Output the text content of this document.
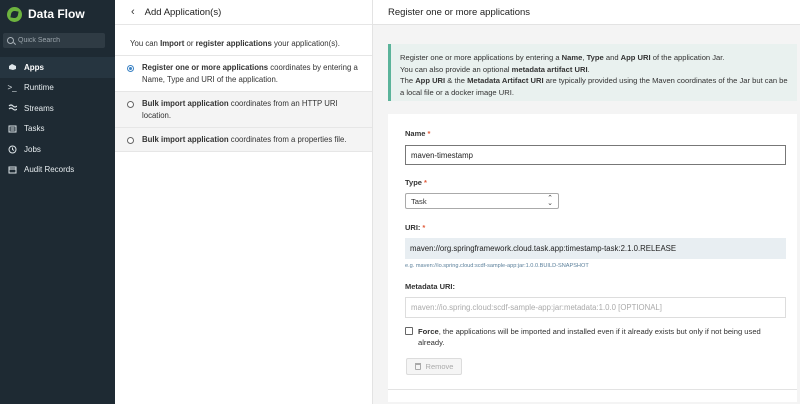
Data Flow
Quick Search
Apps
>_ Runtime
Streams
Tasks
Jobs
Audit Records
‹ Add Application(s)
You can Import or register applications your application(s).
Register one or more applications coordinates by entering a Name, Type and URI of the application.
Bulk import application coordinates from an HTTP URI location.
Bulk import application coordinates from a properties file.
Register one or more applications
Register one or more applications by entering a Name, Type and App URI of the application Jar.
You can also provide an optional metadata artifact URI.
The App URI & the Metadata Artifact URI are typically provided using the Maven coordinates of the Jar but can be a local file or a docker image URI.
Name *
maven-timestamp
Type *
Task	⌃
⌄
URI: *
maven://org.springframework.cloud.task.app:timestamp-task:2.1.0.RELEASE
e.g. maven://io.spring.cloud:scdf-sample-app:jar:1.0.0.BUILD-SNAPSHOT
Metadata URI:
maven://io.spring.cloud:scdf-sample-app:jar:metadata:1.0.0 [OPTIONAL]
Force, the applications will be imported and installed even if it already exists but only if not being used already.
Remove
